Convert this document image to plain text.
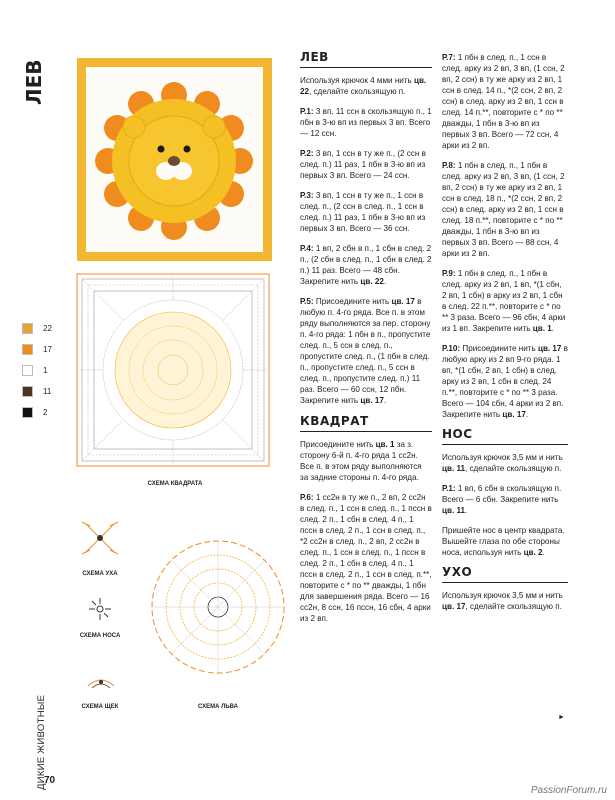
ЛЕВ
СХЕМА КВАДРАТА
СХЕМА УХА
СХЕМА НОСА
СХЕМА ЩЕК	СХЕМА ЛЬВА
22
17
1
11
2
ДИКИЕ ЖИВОТНЫЕ
70
ЛЕВ

Используя крючок 4 мми нить цв. 22, сделайте скользящую п.

Р.1: 3 вп, 11 ссн в скользящую п., 1 пбн в 3-ю вп из первых 3 вп. Всего — 12 ссн.

Р.2: 3 вп, 1 ссн в ту же п., (2 ссн в след. п.) 11 раз, 1 пбн в 3-ю вп из первых 3 вп. Всего — 24 ссн.

Р.3: 3 вп, 1 ссн в ту же п., 1 ссн в след. п., (2 ссн в след. п., 1 ссн в след. п.) 11 раз, 1 пбн в 3-ю вп из первых 3 вп. Всего — 36 ссн.

Р.4: 1 вп, 2 сбн в п., 1 сбн в след. 2 п., (2 сбн в след. п., 1 сбн в след. 2 п.) 11 раз. Всего — 48 сбн. Закрепите нить цв. 22.

Р.5: Присоедините нить цв. 17 в любую п. 4-го ряда. Все п. в этом ряду выполняются за пер. сторону п. 4-го ряда: 1 пбн в п., пропустите след. п., 5 ссн в след. п., пропустите след. п., (1 пбн в след. п., пропустите след. п., 5 ссн в след. п., пропустите след. п.) 11 раз. Всего — 60 ссн, 12 пбн. Закрепите нить цв. 17.

КВАДРАТ

Присоедините нить цв. 1 за з. сторону 6-й п. 4-го ряда 1 сс2н. Все п. в этом ряду выполняются за задние стороны п. 4-го ряда.

Р.6: 1 сс2н в ту же п., 2 вп, 2 сс2н в след. п., 1 ссн в след. п., 1 пссн в след. 2 п., 1 сбн в след. 4 п., 1 пссн в след. 2 п., 1 ссн в след. п., *2 сс2н в след. п., 2 вп, 2 сс2н в след. п., 1 ссн в след. п., 1 пссн в след. 2 п., 1 сбн в след. 4 п., 1 пссн в след. 2 п., 1 ссн в след. п.**, повторите с * по ** дважды, 1 пбн для завершения ряда. Всего — 16 сс2н, 8 ссн, 16 пссн, 16 сбн, 4 арки из 2 вп.

Р.7: 1 пбн в след. п., 1 ссн в след. арку из 2 вп, 3 вп, (1 ссн, 2 вп, 2 ссн) в ту же арку из 2 вп, 1 ссн в след. 14 п., *(2 ссн, 2 вп, 2 ссн) в след. арку из 2 вп, 1 ссн в след. 14 п.**, повторите с * по ** дважды, 1 пбн в 3-ю вп из первых 3 вп. Всего — 72 ссн, 4 арки из 2 вп.

Р.8: 1 пбн в след. п., 1 пбн в след. арку из 2 вп, 3 вп, (1 ссн, 2 вп, 2 ссн) в ту же арку из 2 вп, 1 ссн в след. 18 п., *(2 ссн, 2 вп, 2 ссн) в след. арку из 2 вп, 1 ссн в след. 18 п.**, повторите с * по ** дважды, 1 пбн в 3-ю вп из первых 3 вп. Всего — 88 ссн, 4 арки из 2 вп.

Р.9: 1 пбн в след. п., 1 пбн в след. арку из 2 вп, 1 вп, *(1 сбн, 2 вп, 1 сбн) в арку из 2 вп, 1 сбн в след. 22 п.**, повторите с * по ** 3 раза. Всего — 96 сбн, 4 арки из 1 вп. Закрепите нить цв. 1.

Р.10: Присоедините нить цв. 17 в любую арку из 2 вп 9-го ряда. 1 вп, *(1 сбн, 2 вп, 1 сбн) в след. арку из 2 вп, 1 сбн в след. 24 п.**, повторите с * по ** 3 раза. Всего — 104 сбн, 4 арки из 2 вп. Закрепите нить цв. 17.

НОС

Используя крючок 3,5 мм и нить цв. 11, сделайте скользящую п.

Р.1: 1 вп, 6 сбн в скользящую п. Всего — 6 сбн. Закрепите нить цв. 11.

Пришейте нос в центр квадрата. Вышейте глаза по обе стороны носа, используя нить цв. 2.

УХО

Используя крючок 3,5 мм и нить цв. 17, сделайте скользящую п.

►
PassionForum.ru
